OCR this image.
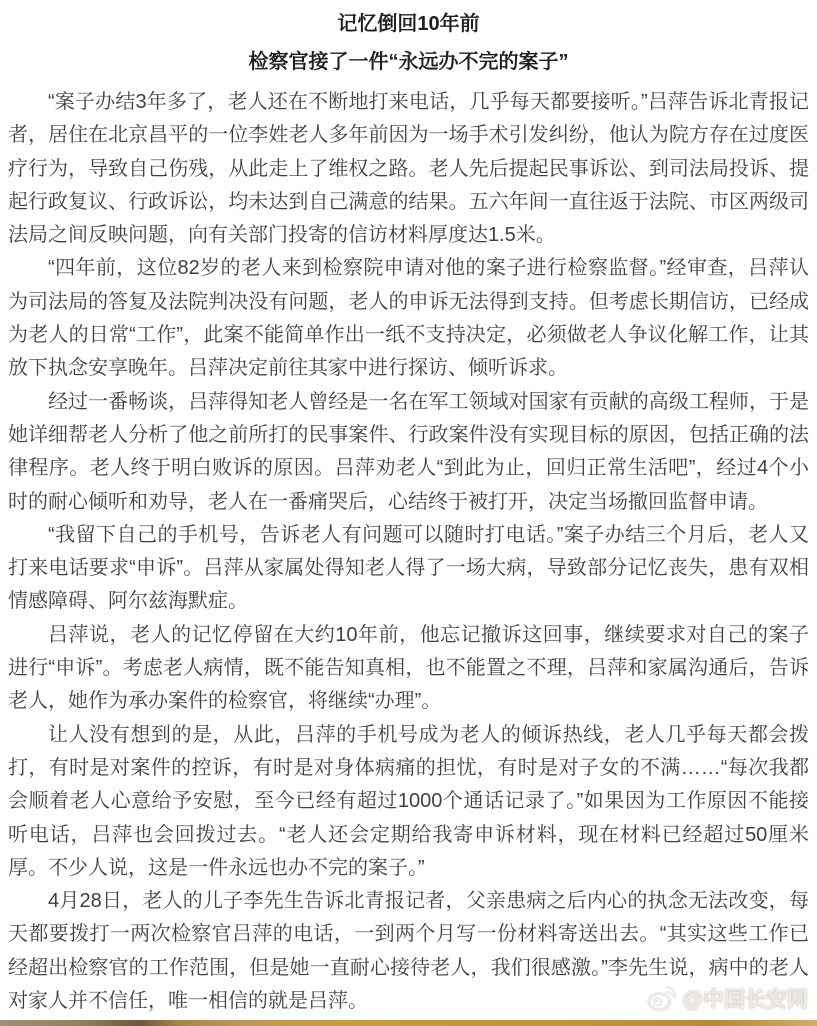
记忆倒回10年前
检察官接了一件“永远办不完的案子”

“案子办结3年多了，老人还在不断地打来电话，几乎每天都要接听。”吕萍告诉北青报记者，居住在北京昌平的一位李姓老人多年前因为一场手术引发纠纷，他认为院方存在过度医疗行为，导致自己伤残，从此走上了维权之路。老人先后提起民事诉讼、到司法局投诉、提起行政复议、行政诉讼，均未达到自己满意的结果。五六年间一直往返于法院、市区两级司法局之间反映问题，向有关部门投寄的信访材料厚度达1.5米。

“四年前，这位82岁的老人来到检察院申请对他的案子进行检察监督。”经审查，吕萍认为司法局的答复及法院判决没有问题，老人的申诉无法得到支持。但考虑长期信访，已经成为老人的日常“工作”，此案不能简单作出一纸不支持决定，必须做老人争议化解工作，让其放下执念安享晚年。吕萍决定前往其家中进行探访、倾听诉求。

经过一番畅谈，吕萍得知老人曾经是一名在军工领域对国家有贡献的高级工程师，于是她详细帮老人分析了他之前所打的民事案件、行政案件没有实现目标的原因，包括正确的法律程序。老人终于明白败诉的原因。吕萍劝老人“到此为止，回归正常生活吧”，经过4个小时的耐心倾听和劝导，老人在一番痛哭后，心结终于被打开，决定当场撤回监督申请。

“我留下自己的手机号，告诉老人有问题可以随时打电话。”案子办结三个月后，老人又打来电话要求“申诉”。吕萍从家属处得知老人得了一场大病，导致部分记忆丧失，患有双相情感障碍、阿尔兹海默症。

吕萍说，老人的记忆停留在大约10年前，他忘记撤诉这回事，继续要求对自己的案子进行“申诉”。考虑老人病情，既不能告知真相，也不能置之不理，吕萍和家属沟通后，告诉老人，她作为承办案件的检察官，将继续“办理”。

让人没有想到的是，从此，吕萍的手机号成为老人的倾诉热线，老人几乎每天都会拨打，有时是对案件的控诉，有时是对身体病痛的担忧，有时是对子女的不满……“每次我都会顺着老人心意给予安慰，至今已经有超过1000个通话记录了。”如果因为工作原因不能接听电话，吕萍也会回拨过去。“老人还会定期给我寄申诉材料，现在材料已经超过50厘米厚。不少人说，这是一件永远也办不完的案子。”

4月28日，老人的儿子李先生告诉北青报记者，父亲患病之后内心的执念无法改变，每天都要拨打一两次检察官吕萍的电话，一到两个月写一份材料寄送出去。“其实这些工作已经超出检察官的工作范围，但是她一直耐心接待老人，我们很感激。”李先生说，病中的老人对家人并不信任，唯一相信的就是吕萍。	@中国长安网
